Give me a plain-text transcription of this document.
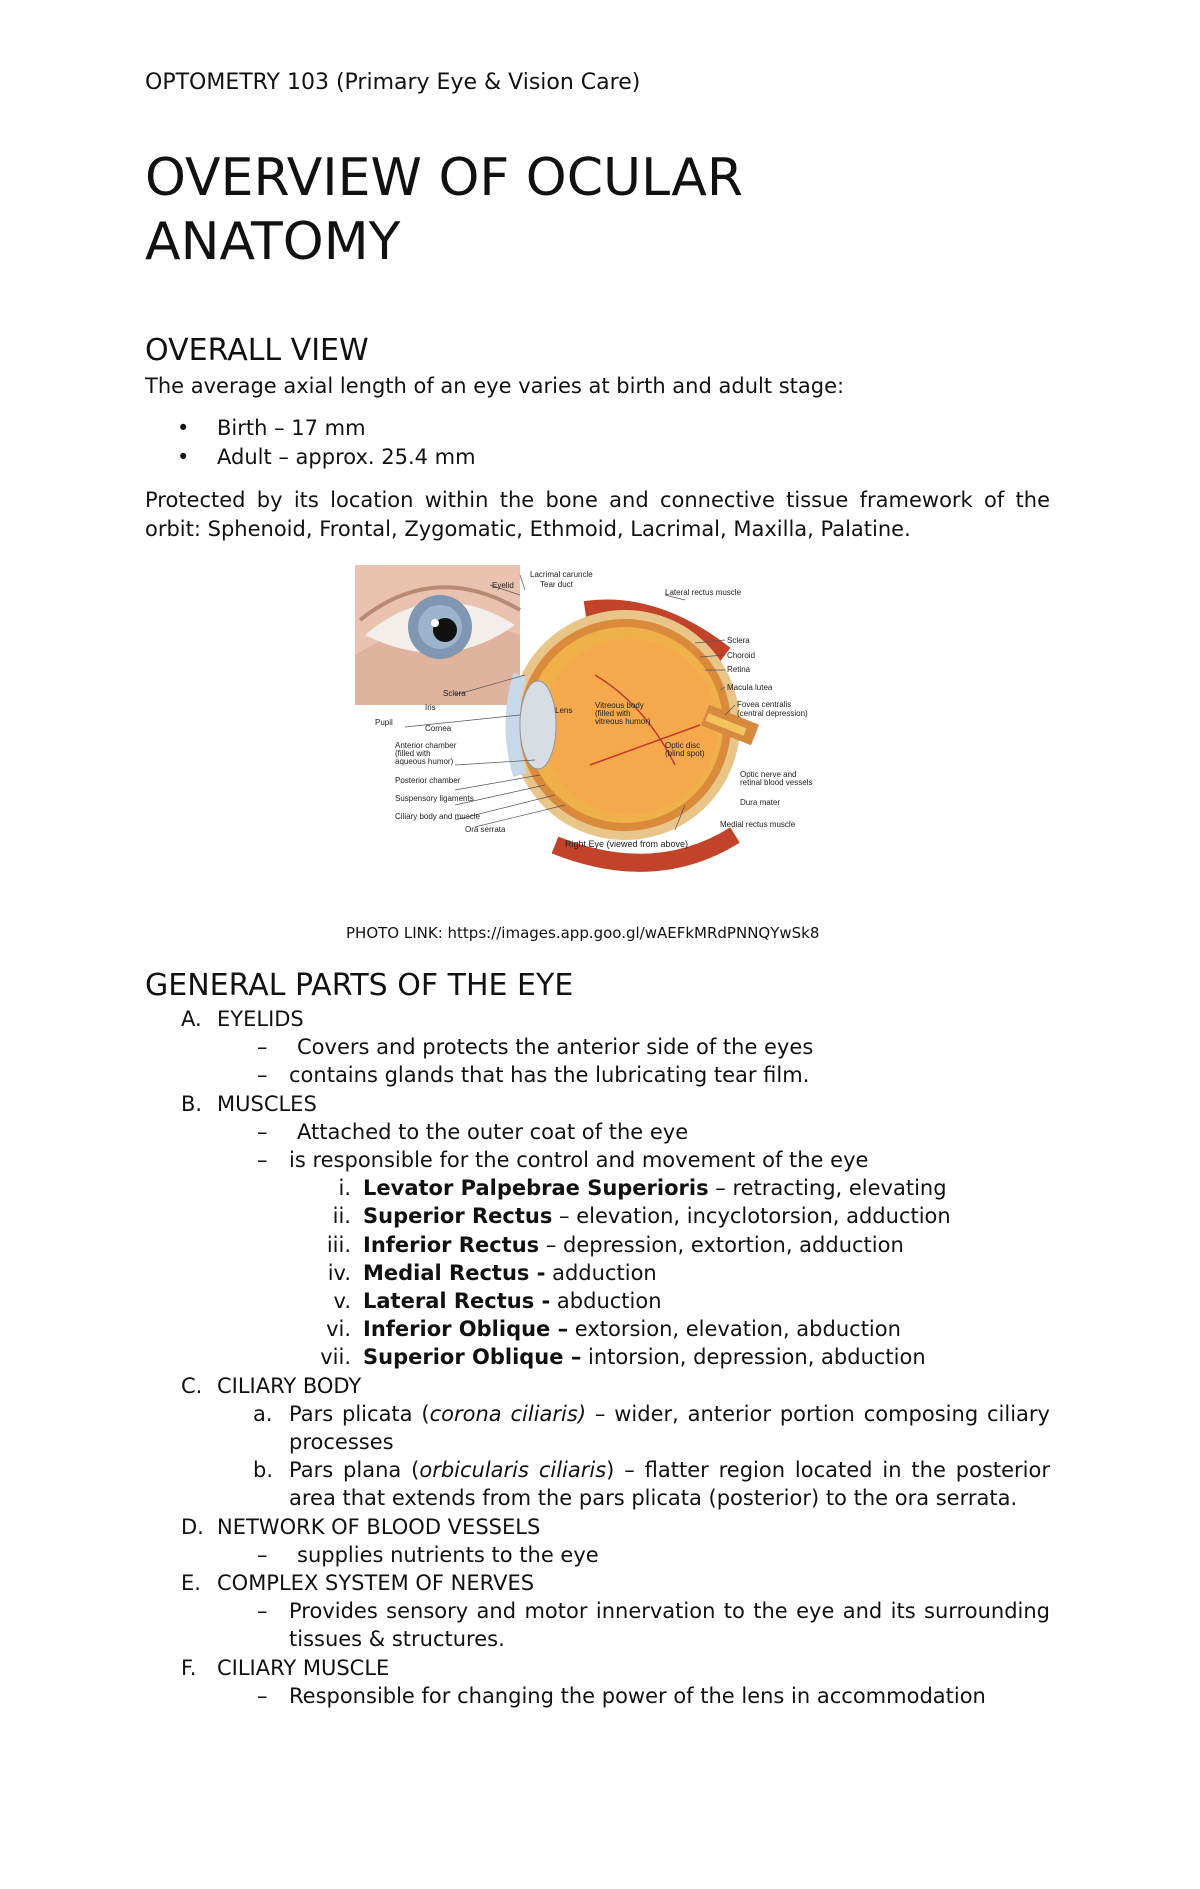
OPTOMETRY 103 (Primary Eye & Vision Care)
OVERVIEW OF OCULAR
ANATOMY
OVERALL VIEW
The average axial length of an eye varies at birth and adult stage:
• Birth – 17 mm
• Adult – approx. 25.4 mm
Protected by its location within the bone and connective tissue framework of the orbit: Sphenoid, Frontal, Zygomatic, Ethmoid, Lacrimal, Maxilla, Palatine.
Eyelid
Lacrimal caruncle
Tear duct
Lateral rectus muscle
Sclera
Choroid
Retina
Macula lutea
Fovea centralis
(central depression)
Sclera
Iris
Pupil
Cornea
Lens
Vitreous body
(filled with
vitreous humor)
Anterior chamber
(filled with
aqueous humor)
Optic disc
(blind spot)
Posterior chamber
Suspensory ligaments
Ciliary body and muscle
Ora serrata
Optic nerve and
retinal blood vessels
Dura mater
Medial rectus muscle
Right Eye (viewed from above)
PHOTO LINK: https://images.app.goo.gl/wAEFkMRdPNNQYwSk8
GENERAL PARTS OF THE EYE
A. EYELIDS
– Covers and protects the anterior side of the eyes
– contains glands that has the lubricating tear film.
B. MUSCLES
– Attached to the outer coat of the eye
– is responsible for the control and movement of the eye
i. Levator Palpebrae Superioris – retracting, elevating
ii. Superior Rectus – elevation, incyclotorsion, adduction
iii. Inferior Rectus – depression, extortion, adduction
iv. Medial Rectus - adduction
v. Lateral Rectus - abduction
vi. Inferior Oblique – extorsion, elevation, abduction
vii. Superior Oblique – intorsion, depression, abduction
C. CILIARY BODY
a. Pars plicata (corona ciliaris) – wider, anterior portion composing ciliary processes
b. Pars plana (orbicularis ciliaris) – flatter region located in the posterior area that extends from the pars plicata (posterior) to the ora serrata.
D. NETWORK OF BLOOD VESSELS
– supplies nutrients to the eye
E. COMPLEX SYSTEM OF NERVES
– Provides sensory and motor innervation to the eye and its surrounding tissues & structures.
F. CILIARY MUSCLE
– Responsible for changing the power of the lens in accommodation
